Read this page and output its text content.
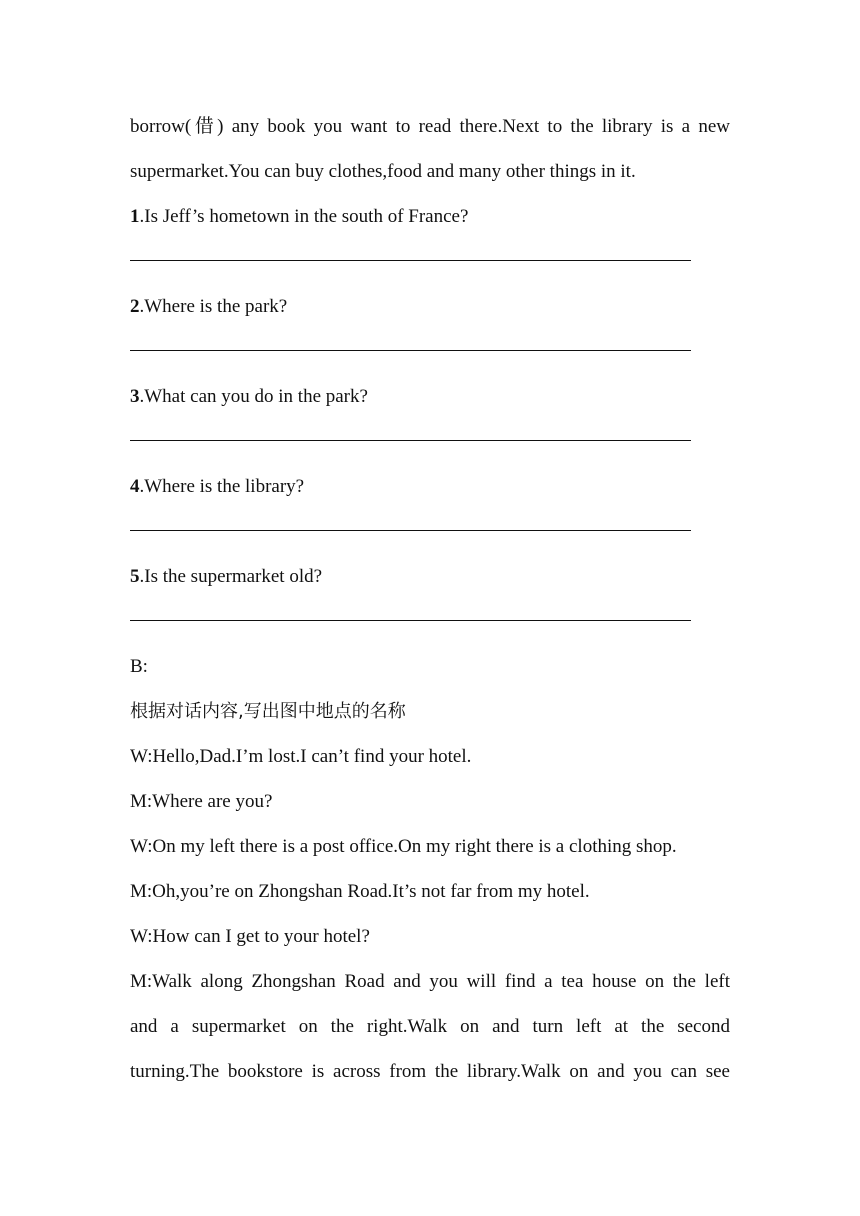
borrow(借) any book you want to read there.Next to the library is a new
supermarket.You can buy clothes,food and many other things in it.
1.Is Jeff’s hometown in the south of France?
2.Where is the park?
3.What can you do in the park?
4.Where is the library?
5.Is the supermarket old?
B:
根据对话内容,写出图中地点的名称
W:Hello,Dad.I’m lost.I can’t find your hotel.
M:Where are you?
W:On my left there is a post office.On my right there is a clothing shop.
M:Oh,you’re on Zhongshan Road.It’s not far from my hotel.
W:How can I get to your hotel?
M:Walk along Zhongshan Road and you will find a tea house on the left
and a supermarket on the right.Walk on and turn left at the second
turning.The bookstore is across from the library.Walk on and you can see
